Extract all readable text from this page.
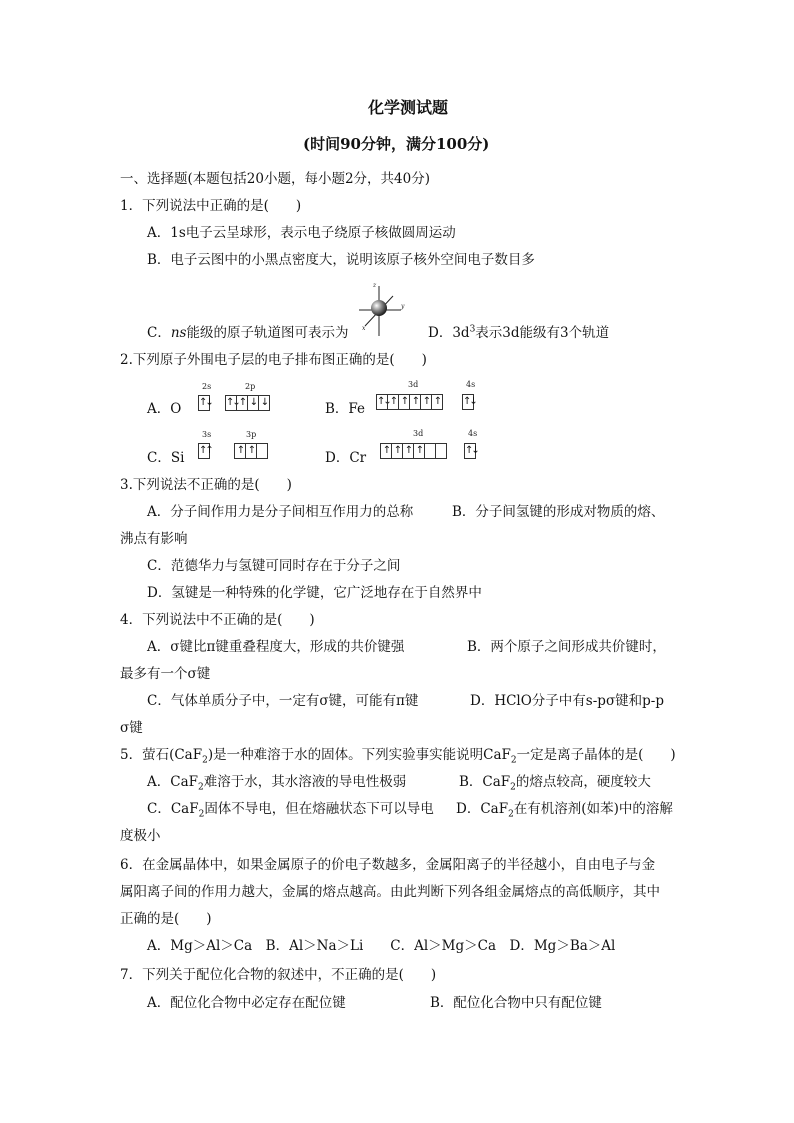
化学测试题
(时间90分钟，满分100分)
一、选择题(本题包括20小题，每小题2分，共40分)
1．下列说法中正确的是(　　)
A．1s电子云呈球形，表示电子绕原子核做圆周运动
B．电子云图中的小黑点密度大，说明该原子核外空间电子数目多
z
y
x
C．ns能级的原子轨道图可表示为	D．$3d^3$表示3d能级有3个轨道
2.下列原子外围电子层的电子排布图正确的是(　　)
A．O
2s	2p
↑↓ ↑↓ ↑ ↓ ↓	B．Fe
3d	4s
↑↓ ↑ ↑ ↑ ↑ ↑ ↑↓
C．Si
3s	3p
↑↑	↑ ↑	D．Cr
3d	4s
↑ ↑ ↑ ↑	↑↓
3.下列说法不正确的是(　　)
A．分子间作用力是分子间相互作用力的总称	B．分子间氢键的形成对物质的熔、
沸点有影响
C．范德华力与氢键可同时存在于分子之间
D．氢键是一种特殊的化学键，它广泛地存在于自然界中
4．下列说法中不正确的是(　　)
A．σ键比π键重叠程度大，形成的共价键强	B．两个原子之间形成共价键时，
最多有一个σ键
C．气体单质分子中，一定有σ键，可能有π键	D．HClO分子中有s-pσ键和p-p
σ键
5．萤石(CaF$_2$)是一种难溶于水的固体。下列实验事实能说明CaF$_2$一定是离子晶体的是(　　)
A．CaF$_2$难溶于水，其水溶液的导电性极弱	B．CaF$_2$的熔点较高，硬度较大
C．CaF$_2$固体不导电，但在熔融状态下可以导电 D．CaF$_2$在有机溶剂(如苯)中的溶解
度极小
6．在金属晶体中，如果金属原子的价电子数越多，金属阳离子的半径越小，自由电子与金
属阳离子间的作用力越大，金属的熔点越高。由此判断下列各组金属熔点的高低顺序，其中
正确的是(　　)
A．Mg＞Al＞Ca　B．Al＞Na＞Li　　C．Al＞Mg＞Ca　D．Mg＞Ba＞Al
7．下列关于配位化合物的叙述中，不正确的是(　　)
A．配位化合物中必定存在配位键	B．配位化合物中只有配位键
